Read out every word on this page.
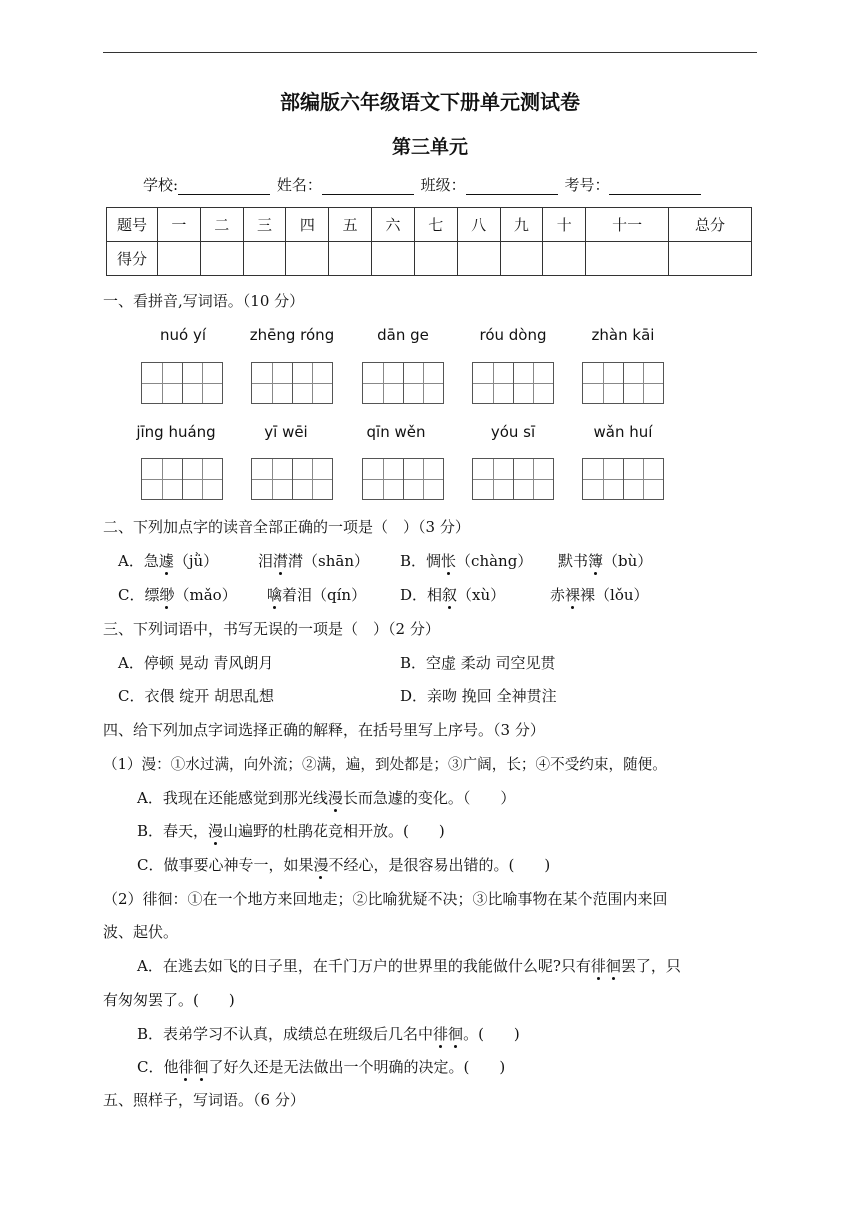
部编版六年级语文下册单元测试卷
第三单元
学校:	姓名：	班级：	考号：
题号	一	二	三	四	五	六	七	八	九	十	十一	总分
得分												
一、看拼音,写词语。（10 分）
nuó yí	zhēng róng	dān ge	róu dòng	zhàn kāi
jīng huáng	yī wēi	qīn wěn	yóu sī	wǎn huí
二、下列加点字的读音全部正确的一项是（　）（3 分）
A．急遽（jǜ）	泪潸潸（shān） B．惆怅（chàng） 默书簿（bù）
C．缥缈（mǎo） 噙着泪（qín） D．相叙（xù）	赤裸裸（lǒu）
三、下列词语中，书写无误的一项是（　）（2 分）
A．停顿 晃动 青风朗月	B．空虚 柔动 司空见贯
C．衣偎 绽开 胡思乱想	D．亲吻 挽回 全神贯注
四、给下列加点字词选择正确的解释，在括号里写上序号。（3 分）
（1）漫：①水过满，向外流；②满，遍，到处都是；③广阔，长；④不受约束，随便。
A．我现在还能感觉到那光线漫长而急遽的变化。（　　）
B．春天，漫山遍野的杜鹃花竞相开放。(　　)
C．做事要心神专一，如果漫不经心，是很容易出错的。(　　)
（2）徘徊：①在一个地方来回地走；②比喻犹疑不决；③比喻事物在某个范围内来回
波、起伏。
A．在逃去如飞的日子里，在千门万户的世界里的我能做什么呢?只有徘徊罢了，只
有匆匆罢了。(　　)
B．表弟学习不认真，成绩总在班级后几名中徘徊。(　　)
C．他徘徊了好久还是无法做出一个明确的决定。(　　)
五、照样子，写词语。（6 分）
